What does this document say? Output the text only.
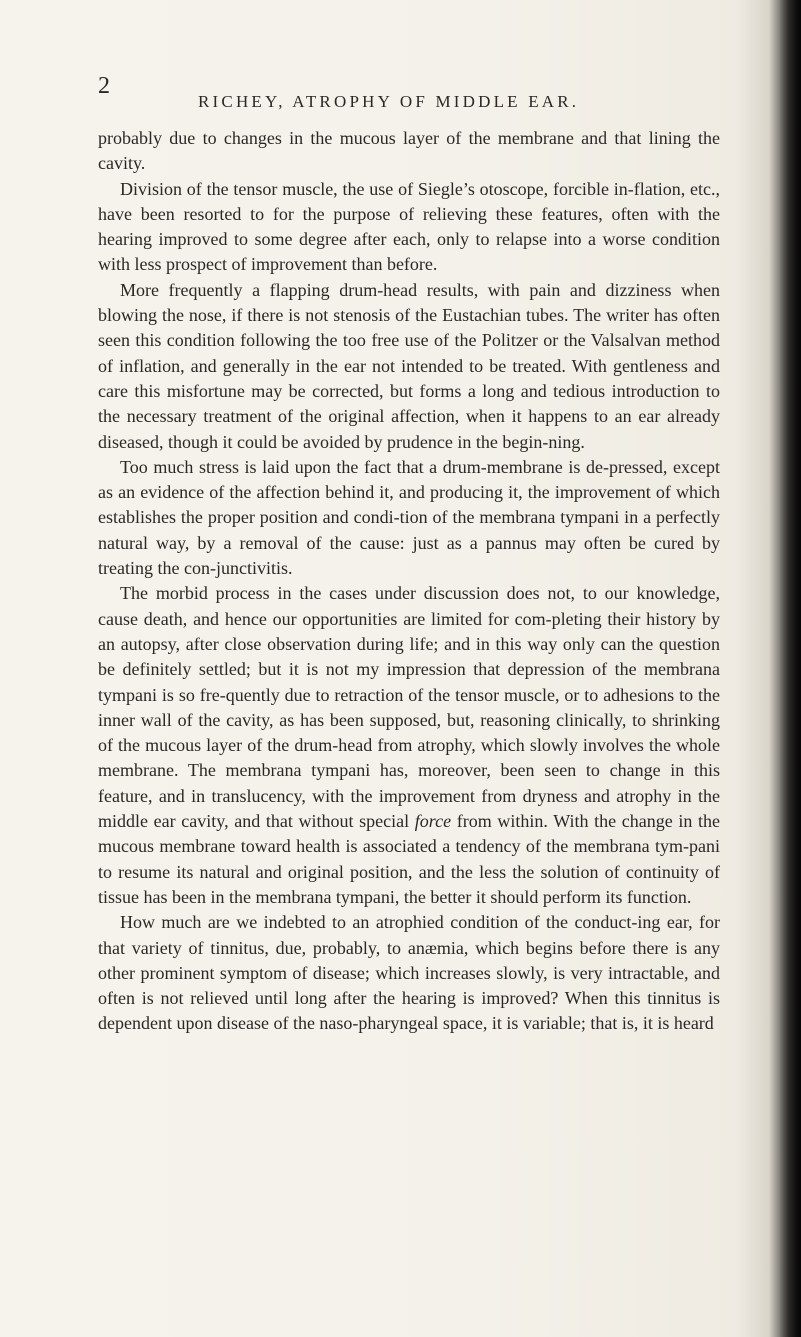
2
RICHEY, ATROPHY OF MIDDLE EAR.

probably due to changes in the mucous layer of the membrane and that lining the cavity.

Division of the tensor muscle, the use of Siegle’s otoscope, forcible in-flation, etc., have been resorted to for the purpose of relieving these features, often with the hearing improved to some degree after each, only to relapse into a worse condition with less prospect of improvement than before.

More frequently a flapping drum-head results, with pain and dizziness when blowing the nose, if there is not stenosis of the Eustachian tubes. The writer has often seen this condition following the too free use of the Politzer or the Valsalvan method of inflation, and generally in the ear not intended to be treated. With gentleness and care this misfortune may be corrected, but forms a long and tedious introduction to the necessary treatment of the original affection, when it happens to an ear already diseased, though it could be avoided by prudence in the begin-ning.

Too much stress is laid upon the fact that a drum-membrane is de-pressed, except as an evidence of the affection behind it, and producing it, the improvement of which establishes the proper position and condi-tion of the membrana tympani in a perfectly natural way, by a removal of the cause: just as a pannus may often be cured by treating the con-junctivitis.

The morbid process in the cases under discussion does not, to our knowledge, cause death, and hence our opportunities are limited for com-pleting their history by an autopsy, after close observation during life; and in this way only can the question be definitely settled; but it is not my impression that depression of the membrana tympani is so fre-quently due to retraction of the tensor muscle, or to adhesions to the inner wall of the cavity, as has been supposed, but, reasoning clinically, to shrinking of the mucous layer of the drum-head from atrophy, which slowly involves the whole membrane. The membrana tympani has, moreover, been seen to change in this feature, and in translucency, with the improvement from dryness and atrophy in the middle ear cavity, and that without special force from within. With the change in the mucous membrane toward health is associated a tendency of the membrana tym-pani to resume its natural and original position, and the less the solution of continuity of tissue has been in the membrana tympani, the better it should perform its function.

How much are we indebted to an atrophied condition of the conduct-ing ear, for that variety of tinnitus, due, probably, to anæmia, which begins before there is any other prominent symptom of disease; which increases slowly, is very intractable, and often is not relieved until long after the hearing is improved? When this tinnitus is dependent upon disease of the naso-pharyngeal space, it is variable; that is, it is heard
